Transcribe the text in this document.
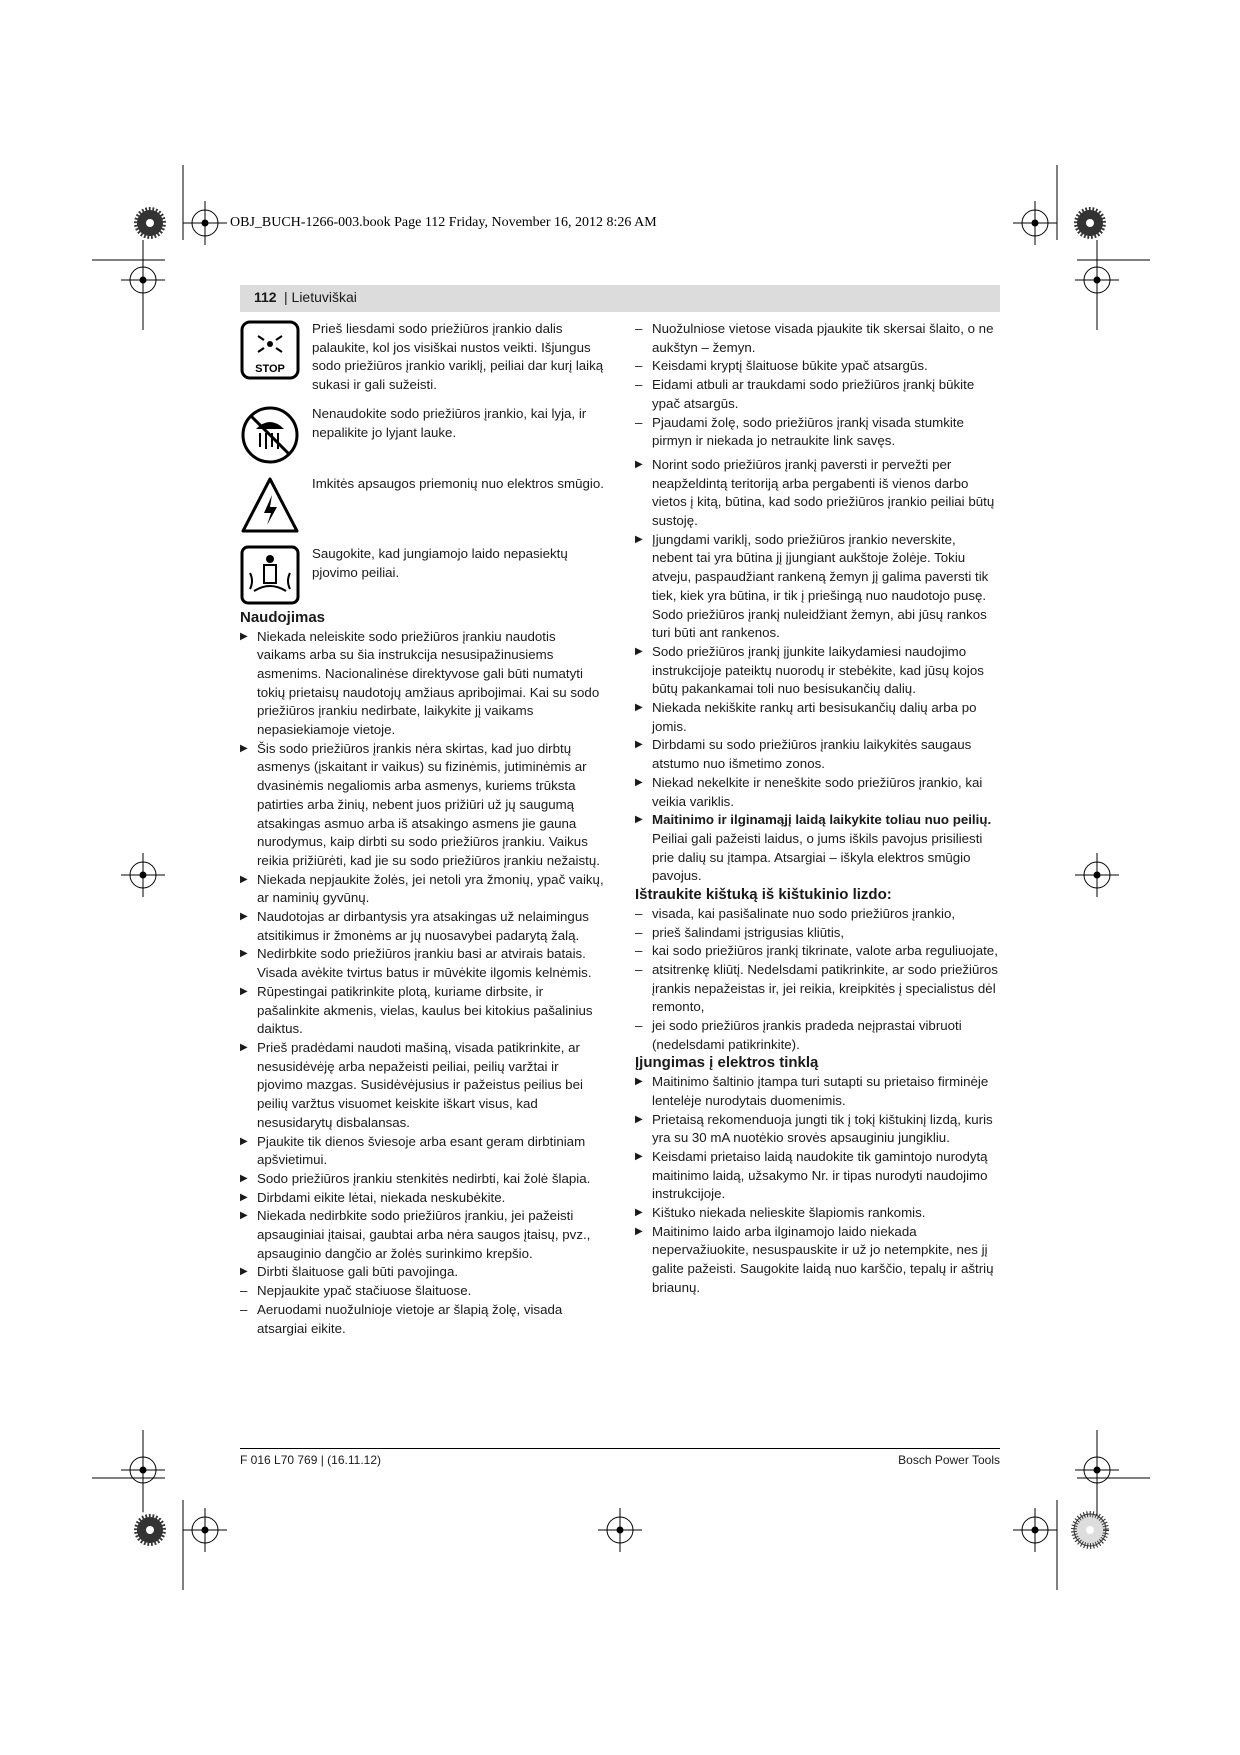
OBJ_BUCH-1266-003.book Page 112 Friday, November 16, 2012 8:26 AM
112 | Lietuviškai
STOP

Prieš liesdami sodo priežiūros įrankio dalis palaukite, kol jos visiškai nustos veikti. Išjungus sodo priežiūros įrankio variklį, peiliai dar kurį laiką sukasi ir gali sužeisti.

Nenaudokite sodo priežiūros įrankio, kai lyja, ir nepalikite jo lyjant lauke.

Imkitės apsaugos priemonių nuo elektros smūgio.

Saugokite, kad jungiamojo laido nepasiektų pjovimo peiliai.

Naudojimas

▶ Niekada neleiskite sodo priežiūros įrankiu naudotis vaikams arba su šia instrukcija nesusipažinusiems asmenims. Nacionalinėse direktyvose gali būti numatyti tokių prietaisų naudotojų amžiaus apribojimai. Kai su sodo priežiūros įrankiu nedirbate, laikykite jį vaikams nepasiekiamoje vietoje.

▶ Šis sodo priežiūros įrankis nėra skirtas, kad juo dirbtų asmenys (įskaitant ir vaikus) su fizinėmis, jutiminėmis ar dvasinėmis negaliomis arba asmenys, kuriems trūksta patirties arba žinių, nebent juos prižiūri už jų saugumą atsakingas asmuo arba iš atsakingo asmens jie gauna nurodymus, kaip dirbti su sodo priežiūros įrankiu. Vaikus reikia prižiūrėti, kad jie su sodo priežiūros įrankiu nežaistų.

▶ Niekada nepjaukite žolės, jei netoli yra žmonių, ypač vaikų, ar naminių gyvūnų.

▶ Naudotojas ar dirbantysis yra atsakingas už nelaimingus atsitikimus ir žmonėms ar jų nuosavybei padarytą žalą.

▶ Nedirbkite sodo priežiūros įrankiu basi ar atvirais batais. Visada avėkite tvirtus batus ir mūvėkite ilgomis kelnėmis.

▶ Rūpestingai patikrinkite plotą, kuriame dirbsite, ir pašalinkite akmenis, vielas, kaulus bei kitokius pašalinius daiktus.

▶ Prieš pradėdami naudoti mašiną, visada patikrinkite, ar nesusidėvėję arba nepažeisti peiliai, peilių varžtai ir pjovimo mazgas. Susidėvėjusius ir pažeistus peilius bei peilių varžtus visuomet keiskite iškart visus, kad nesusidarytų disbalansas.

▶ Pjaukite tik dienos šviesoje arba esant geram dirbtiniam apšvietimui.

▶ Sodo priežiūros įrankiu stenkitės nedirbti, kai žolė šlapia.

▶ Dirbdami eikite lėtai, niekada neskubėkite.

▶ Niekada nedirbkite sodo priežiūros įrankiu, jei pažeisti apsauginiai įtaisai, gaubtai arba nėra saugos įtaisų, pvz., apsauginio dangčio ar žolės surinkimo krepšio.

▶ Dirbti šlaituose gali būti pavojinga.

– Nepjaukite ypač stačiuose šlaituose.

– Aeruodami nuožulnioje vietoje ar šlapią žolę, visada atsargiai eikite.

– Nuožulniose vietose visada pjaukite tik skersai šlaito, o ne aukštyn – žemyn.

– Keisdami kryptį šlaituose būkite ypač atsargūs.

– Eidami atbuli ar traukdami sodo priežiūros įrankį būkite ypač atsargūs.

– Pjaudami žolę, sodo priežiūros įrankį visada stumkite pirmyn ir niekada jo netraukite link savęs.

▶ Norint sodo priežiūros įrankį paversti ir pervežti per neapželdintą teritoriją arba pergabenti iš vienos darbo vietos į kitą, būtina, kad sodo priežiūros įrankio peiliai būtų sustoję.

▶ Įjungdami variklį, sodo priežiūros įrankio neverskite, nebent tai yra būtina jį įjungiant aukštoje žolėje. Tokiu atveju, paspaudžiant rankeną žemyn jį galima paversti tik tiek, kiek yra būtina, ir tik į priešingą nuo naudotojo pusę. Sodo priežiūros įrankį nuleidžiant žemyn, abi jūsų rankos turi būti ant rankenos.

▶ Sodo priežiūros įrankį įjunkite laikydamiesi naudojimo instrukcijoje pateiktų nuorodų ir stebėkite, kad jūsų kojos būtų pakankamai toli nuo besisukančių dalių.

▶ Niekada nekiškite rankų arti besisukančių dalių arba po jomis.

▶ Dirbdami su sodo priežiūros įrankiu laikykitės saugaus atstumo nuo išmetimo zonos.

▶ Niekad nekelkite ir neneškite sodo priežiūros įrankio, kai veikia variklis.

▶ Maitinimo ir ilginamąjį laidą laikykite toliau nuo peilių. Peiliai gali pažeisti laidus, o jums iškils pavojus prisiliesti prie dalių su įtampa. Atsargiai – iškyla elektros smūgio pavojus.

Ištraukite kištuką iš kištukinio lizdo:

– visada, kai pasišalinate nuo sodo priežiūros įrankio,

– prieš šalindami įstrigusias kliūtis,

– kai sodo priežiūros įrankį tikrinate, valote arba reguliuojate,

– atsitrenkę kliūtį. Nedelsdami patikrinkite, ar sodo priežiūros įrankis nepažeistas ir, jei reikia, kreipkitės į specialistus dėl remonto,

– jei sodo priežiūros įrankis pradeda neįprastai vibruoti (nedelsdami patikrinkite).

Įjungimas į elektros tinklą

▶ Maitinimo šaltinio įtampa turi sutapti su prietaiso firminėje lentelėje nurodytais duomenimis.

▶ Prietaisą rekomenduoja jungti tik į tokį kištukinį lizdą, kuris yra su 30 mA nuotėkio srovės apsauginiu jungikliu.

▶ Keisdami prietaiso laidą naudokite tik gamintojo nurodytą maitinimo laidą, užsakymo Nr. ir tipas nurodyti naudojimo instrukcijoje.

▶ Kištuko niekada nelieskite šlapiomis rankomis.

▶ Maitinimo laido arba ilginamojo laido niekada nepervažiuokite, nesuspauskite ir už jo netempkite, nes jį galite pažeisti. Saugokite laidą nuo karščio, tepalų ir aštrių briaunų.

F 016 L70 769 | (16.11.12)	Bosch Power Tools
